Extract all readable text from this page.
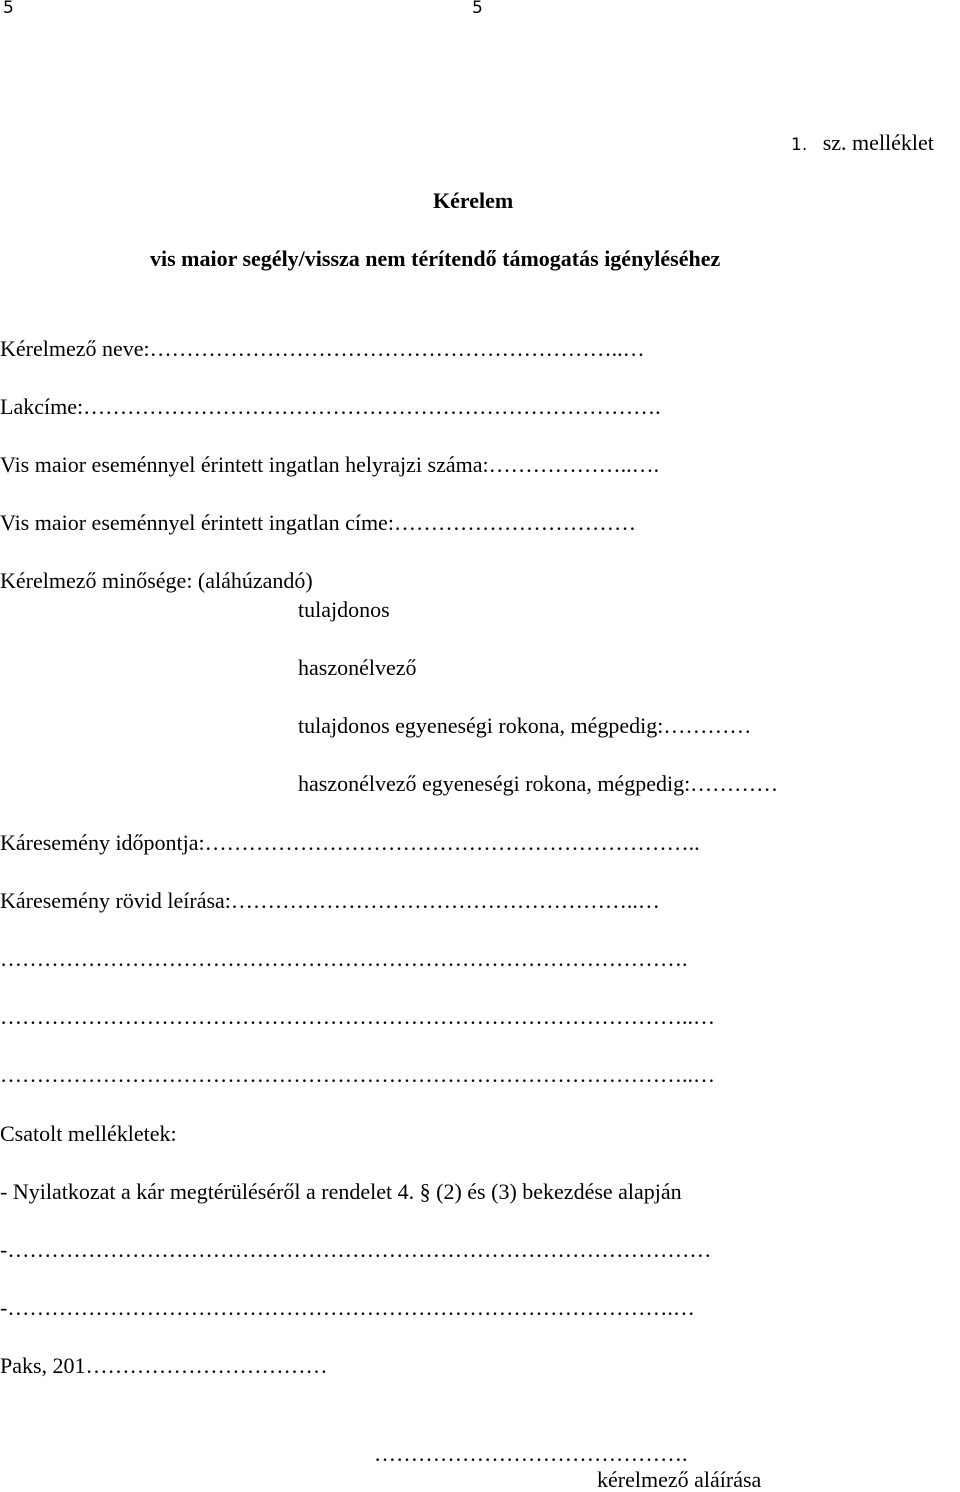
5	5
1. sz. melléklet
Kérelem
vis maior segély/vissza nem térítendő támogatás igényléséhez
Kérelmező neve:………………………………………………………..…
Lakcíme:…………………………………………………………………….
Vis maior eseménnyel érintett ingatlan helyrajzi száma:………………..….
Vis maior eseménnyel érintett ingatlan címe:……………………………
Kérelmező minősége: (aláhúzandó)
tulajdonos
haszonélvező
tulajdonos egyeneségi rokona, mégpedig:…………
haszonélvező egyeneségi rokona, mégpedig:…………
Káresemény időpontja:…………………………………………………………..
Káresemény rövid leírása:………………………………………………..…
………………………………………………………………………………….
…………………………………………………………………………………..…
…………………………………………………………………………………..…
Csatolt mellékletek:
- Nyilatkozat a kár megtérüléséről a rendelet 4. § (2) és (3) bekezdése alapján
-……………………………………………………………………………………
-……………………………………………………………………………….…
Paks, 201……………………………
…………………………………….
kérelmező aláírása
